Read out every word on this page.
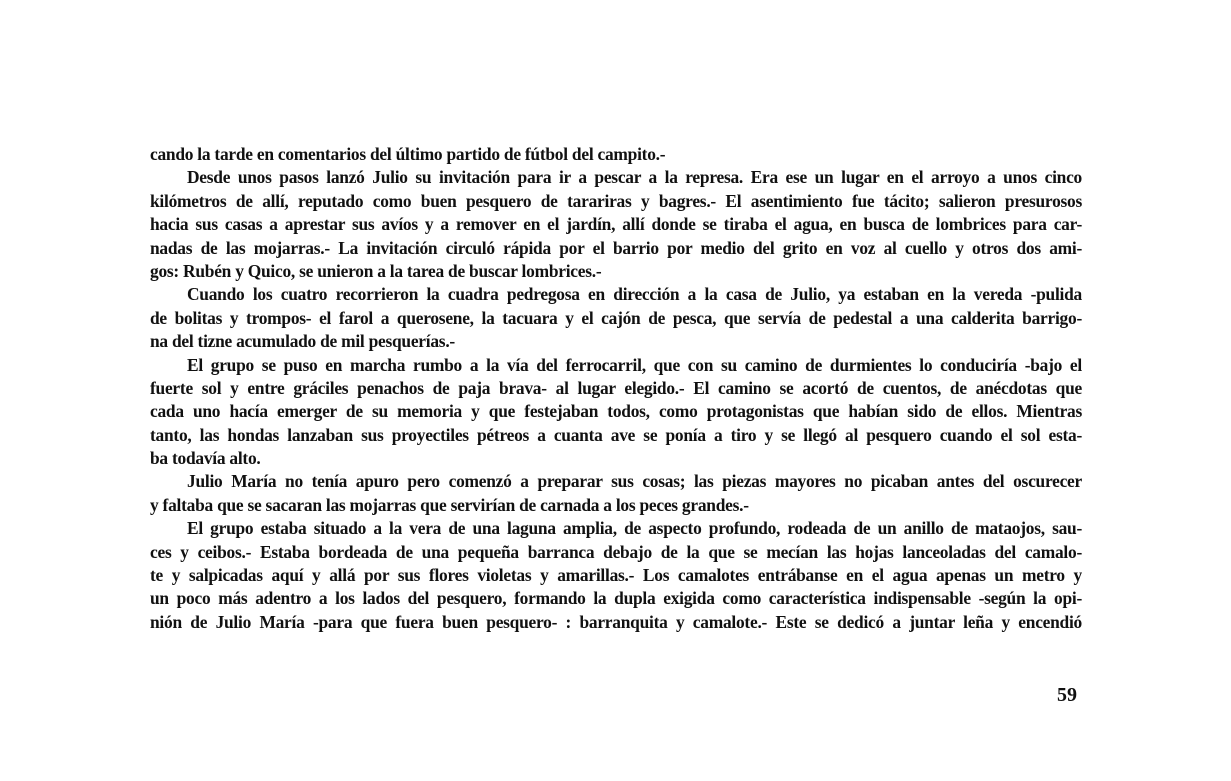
cando la tarde en comentarios del último partido de fútbol del campito.-
Desde unos pasos lanzó Julio su invitación para ir a pescar a la represa. Era ese un lugar en el arroyo a unos cinco
kilómetros de allí, reputado como buen pesquero de tarariras y bagres.- El asentimiento fue tácito; salieron presurosos
hacia sus casas a aprestar sus avíos y a remover en el jardín, allí donde se tiraba el agua, en busca de lombrices para car-
nadas de las mojarras.- La invitación circuló rápida por el barrio por medio del grito en voz al cuello y otros dos ami-
gos: Rubén y Quico, se unieron a la tarea de buscar lombrices.-
Cuando los cuatro recorrieron la cuadra pedregosa en dirección a la casa de Julio, ya estaban en la vereda -pulida
de bolitas y trompos- el farol a querosene, la tacuara y el cajón de pesca, que servía de pedestal a una calderita barrigo-
na del tizne acumulado de mil pesquerías.-
El grupo se puso en marcha rumbo a la vía del ferrocarril, que con su camino de durmientes lo conduciría -bajo el
fuerte sol y entre gráciles penachos de paja brava- al lugar elegido.- El camino se acortó de cuentos, de anécdotas que
cada uno hacía emerger de su memoria y que festejaban todos, como protagonistas que habían sido de ellos. Mientras
tanto, las hondas lanzaban sus proyectiles pétreos a cuanta ave se ponía a tiro y se llegó al pesquero cuando el sol esta-
ba todavía alto.
Julio María no tenía apuro pero comenzó a preparar sus cosas; las piezas mayores no picaban antes del oscurecer
y faltaba que se sacaran las mojarras que servirían de carnada a los peces grandes.-
El grupo estaba situado a la vera de una laguna amplia, de aspecto profundo, rodeada de un anillo de mataojos, sau-
ces y ceibos.- Estaba bordeada de una pequeña barranca debajo de la que se mecían las hojas lanceoladas del camalo-
te y salpicadas aquí y allá por sus flores violetas y amarillas.- Los camalotes entrábanse en el agua apenas un metro y
un poco más adentro a los lados del pesquero, formando la dupla exigida como característica indispensable -según la opi-
nión de Julio María -para que fuera buen pesquero- : barranquita y camalote.- Este se dedicó a juntar leña y encendió
59
